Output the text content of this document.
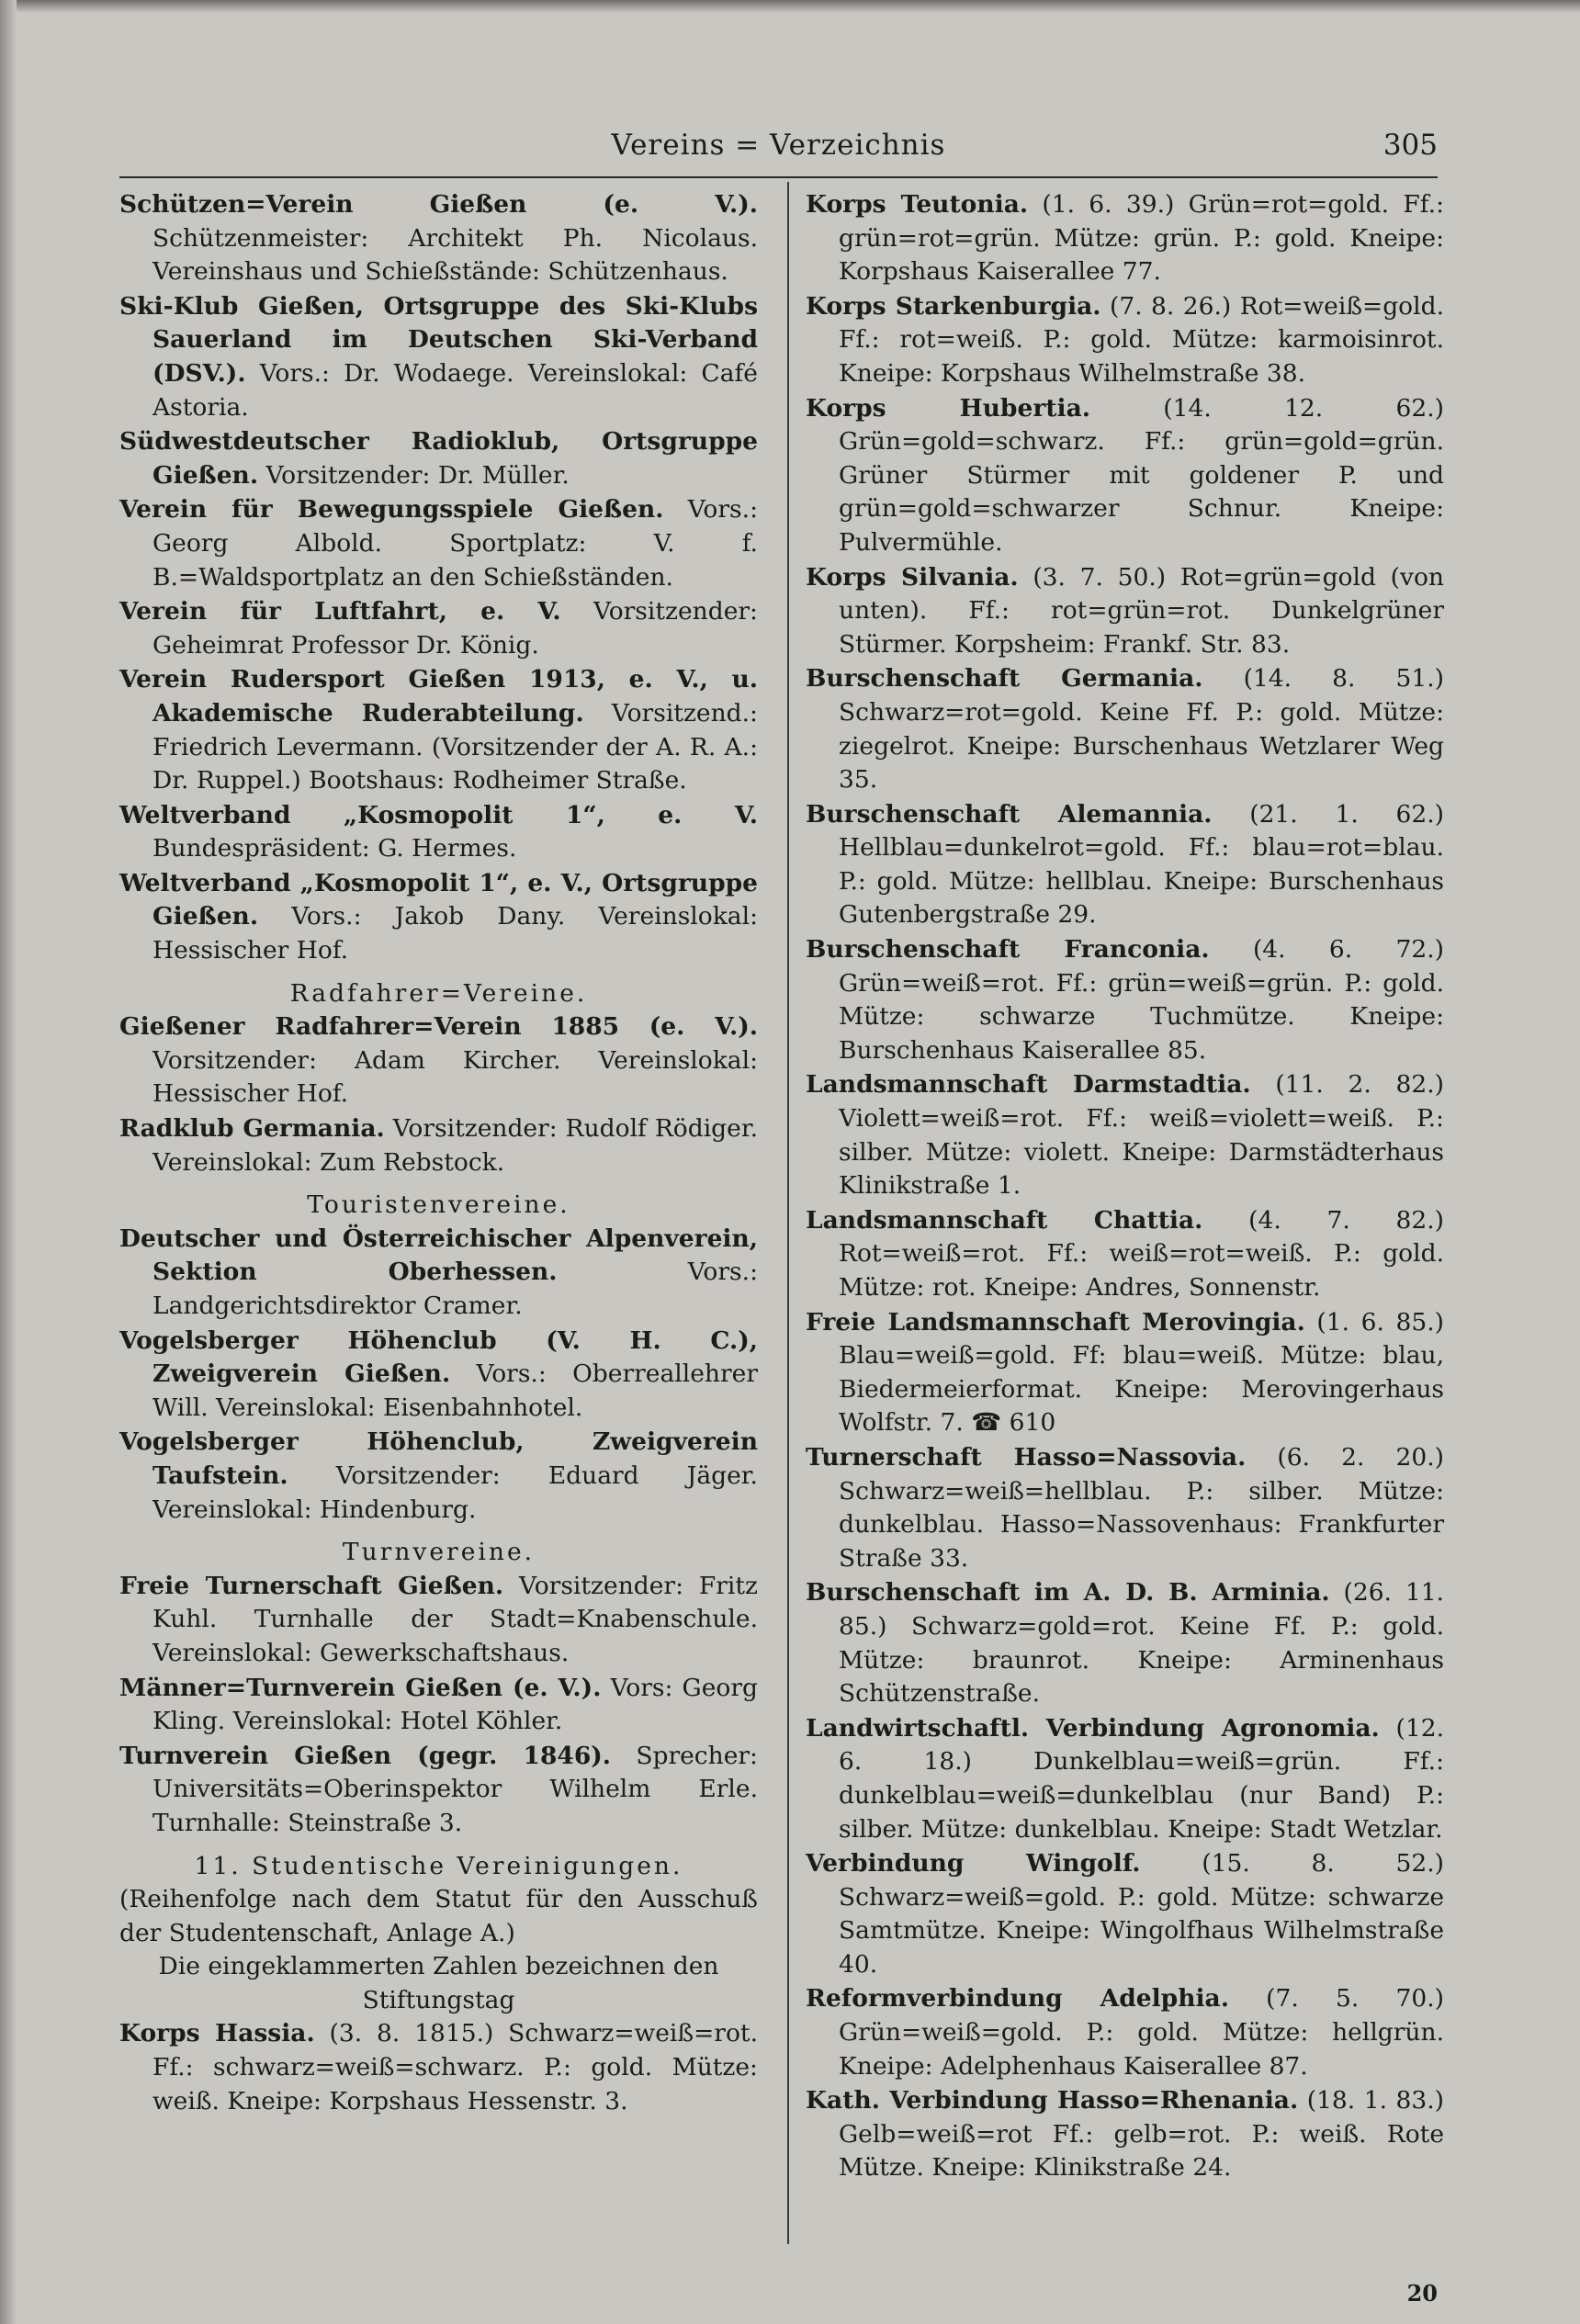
Vereins = Verzeichnis	305

Schützen=Verein Gießen (e. V.). Schützenmeister: Architekt Ph. Nicolaus. Vereinshaus und Schießstände: Schützenhaus.

Ski-Klub Gießen, Ortsgruppe des Ski-Klubs Sauerland im Deutschen Ski-Verband (DSV.). Vors.: Dr. Wodaege. Vereinslokal: Café Astoria.

Südwestdeutscher Radioklub, Ortsgruppe Gießen. Vorsitzender: Dr. Müller.

Verein für Bewegungsspiele Gießen. Vors.: Georg Albold. Sportplatz: V. f. B.=Waldsportplatz an den Schießständen.

Verein für Luftfahrt, e. V. Vorsitzender: Geheimrat Professor Dr. König.

Verein Rudersport Gießen 1913, e. V., u. Akademische Ruderabteilung. Vorsitzend.: Friedrich Levermann. (Vorsitzender der A. R. A.: Dr. Ruppel.) Bootshaus: Rodheimer Straße.

Weltverband „Kosmopolit 1“, e. V. Bundespräsident: G. Hermes.

Weltverband „Kosmopolit 1“, e. V., Ortsgruppe Gießen. Vors.: Jakob Dany. Vereinslokal: Hessischer Hof.

Radfahrer=Vereine.

Gießener Radfahrer=Verein 1885 (e. V.). Vorsitzender: Adam Kircher. Vereinslokal: Hessischer Hof.

Radklub Germania. Vorsitzender: Rudolf Rödiger. Vereinslokal: Zum Rebstock.

Touristenvereine.

Deutscher und Österreichischer Alpenverein, Sektion Oberhessen. Vors.: Landgerichtsdirektor Cramer.

Vogelsberger Höhenclub (V. H. C.), Zweigverein Gießen. Vors.: Oberreallehrer Will. Vereinslokal: Eisenbahnhotel.

Vogelsberger Höhenclub, Zweigverein Taufstein. Vorsitzender: Eduard Jäger. Vereinslokal: Hindenburg.

Turnvereine.

Freie Turnerschaft Gießen. Vorsitzender: Fritz Kuhl. Turnhalle der Stadt=Knabenschule. Vereinslokal: Gewerkschaftshaus.

Männer=Turnverein Gießen (e. V.). Vors: Georg Kling. Vereinslokal: Hotel Köhler.

Turnverein Gießen (gegr. 1846). Sprecher: Universitäts=Oberinspektor Wilhelm Erle. Turnhalle: Steinstraße 3.

11. Studentische Vereinigungen.

(Reihenfolge nach dem Statut für den Ausschuß der Studentenschaft, Anlage A.)

Die eingeklammerten Zahlen bezeichnen den Stiftungstag

Korps Hassia. (3. 8. 1815.) Schwarz=weiß=rot. Ff.: schwarz=weiß=schwarz. P.: gold. Mütze: weiß. Kneipe: Korpshaus Hessenstr. 3.

Korps Teutonia. (1. 6. 39.) Grün=rot=gold. Ff.: grün=rot=grün. Mütze: grün. P.: gold. Kneipe: Korpshaus Kaiserallee 77.

Korps Starkenburgia. (7. 8. 26.) Rot=weiß=gold. Ff.: rot=weiß. P.: gold. Mütze: karmoisinrot. Kneipe: Korpshaus Wilhelmstraße 38.

Korps Hubertia. (14. 12. 62.) Grün=gold=schwarz. Ff.: grün=gold=grün. Grüner Stürmer mit goldener P. und grün=gold=schwarzer Schnur. Kneipe: Pulvermühle.

Korps Silvania. (3. 7. 50.) Rot=grün=gold (von unten). Ff.: rot=grün=rot. Dunkelgrüner Stürmer. Korpsheim: Frankf. Str. 83.

Burschenschaft Germania. (14. 8. 51.) Schwarz=rot=gold. Keine Ff. P.: gold. Mütze: ziegelrot. Kneipe: Burschenhaus Wetzlarer Weg 35.

Burschenschaft Alemannia. (21. 1. 62.) Hellblau=dunkelrot=gold. Ff.: blau=rot=blau. P.: gold. Mütze: hellblau. Kneipe: Burschenhaus Gutenbergstraße 29.

Burschenschaft Franconia. (4. 6. 72.) Grün=weiß=rot. Ff.: grün=weiß=grün. P.: gold. Mütze: schwarze Tuchmütze. Kneipe: Burschenhaus Kaiserallee 85.

Landsmannschaft Darmstadtia. (11. 2. 82.) Violett=weiß=rot. Ff.: weiß=violett=weiß. P.: silber. Mütze: violett. Kneipe: Darmstädterhaus Klinikstraße 1.

Landsmannschaft Chattia. (4. 7. 82.) Rot=weiß=rot. Ff.: weiß=rot=weiß. P.: gold. Mütze: rot. Kneipe: Andres, Sonnenstr.

Freie Landsmannschaft Merovingia. (1. 6. 85.) Blau=weiß=gold. Ff: blau=weiß. Mütze: blau, Biedermeierformat. Kneipe: Merovingerhaus Wolfstr. 7. ☎ 610

Turnerschaft Hasso=Nassovia. (6. 2. 20.) Schwarz=weiß=hellblau. P.: silber. Mütze: dunkelblau. Hasso=Nassovenhaus: Frankfurter Straße 33.

Burschenschaft im A. D. B. Arminia. (26. 11. 85.) Schwarz=gold=rot. Keine Ff. P.: gold. Mütze: braunrot. Kneipe: Arminenhaus Schützenstraße.

Landwirtschaftl. Verbindung Agronomia. (12. 6. 18.) Dunkelblau=weiß=grün. Ff.: dunkelblau=weiß=dunkelblau (nur Band) P.: silber. Mütze: dunkelblau. Kneipe: Stadt Wetzlar.

Verbindung Wingolf. (15. 8. 52.) Schwarz=weiß=gold. P.: gold. Mütze: schwarze Samtmütze. Kneipe: Wingolfhaus Wilhelmstraße 40.

Reformverbindung Adelphia. (7. 5. 70.) Grün=weiß=gold. P.: gold. Mütze: hellgrün. Kneipe: Adelphenhaus Kaiserallee 87.

Kath. Verbindung Hasso=Rhenania. (18. 1. 83.) Gelb=weiß=rot Ff.: gelb=rot. P.: weiß. Rote Mütze. Kneipe: Klinikstraße 24.

20
